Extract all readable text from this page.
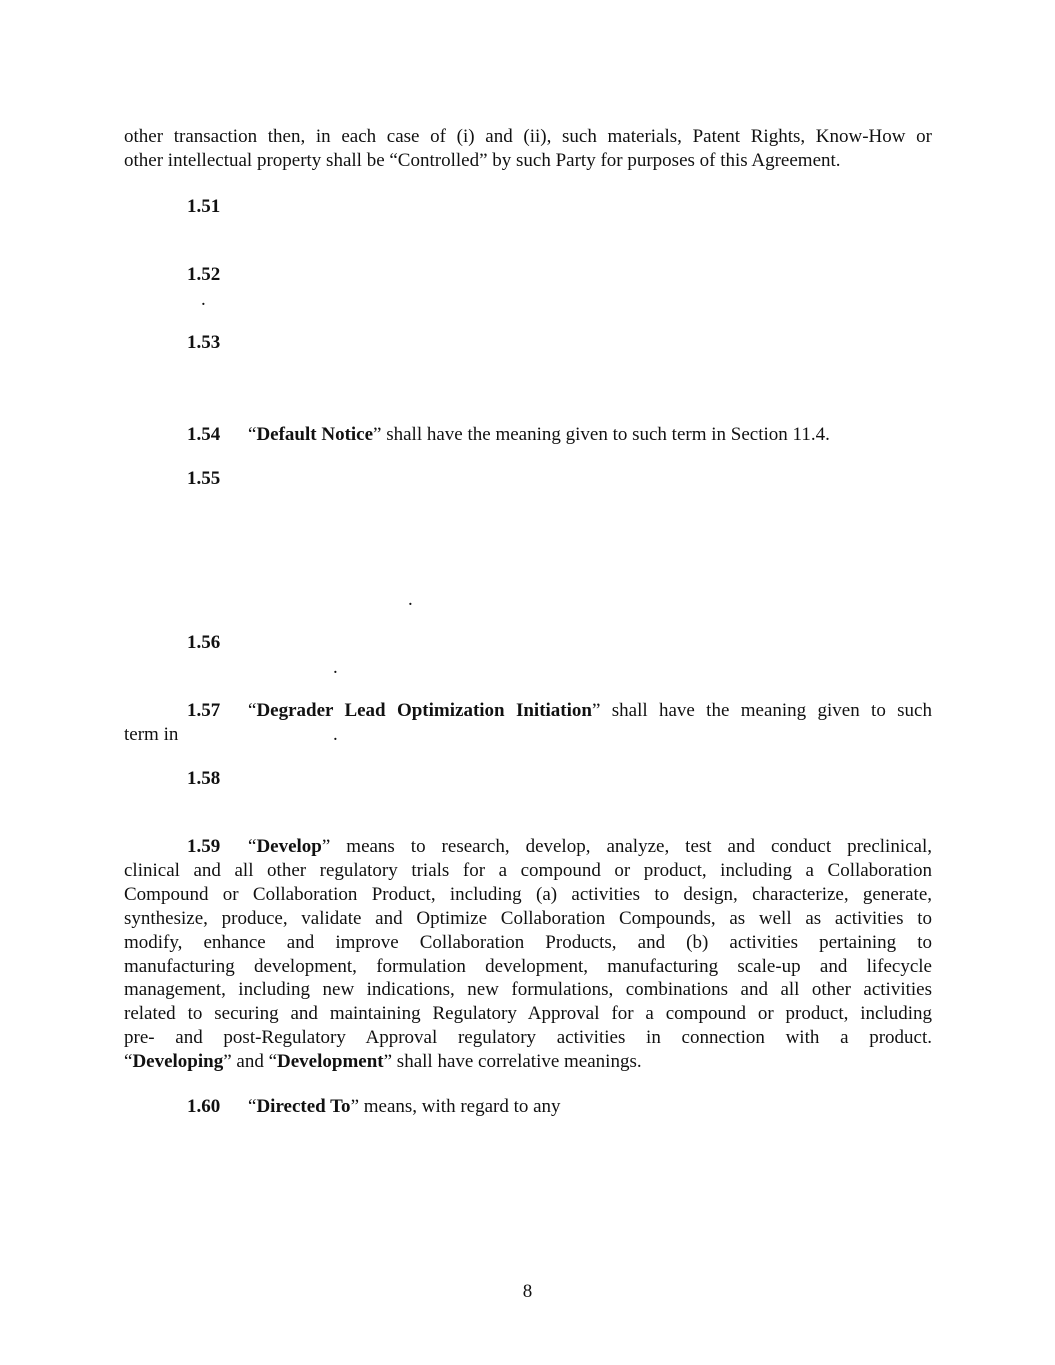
other transaction then, in each case of (i) and (ii), such materials, Patent Rights, Know-How or
other intellectual property shall be “Controlled” by such Party for purposes of this Agreement.
1.51
1.52
.
1.53
1.54 “Default Notice” shall have the meaning given to such term in Section 11.4.
1.55
.
1.56
.
1.57 “Degrader Lead Optimization Initiation” shall have the meaning given to such
term in	.
1.58
1.59 “Develop” means to research, develop, analyze, test and conduct preclinical,
clinical and all other regulatory trials for a compound or product, including a Collaboration
Compound or Collaboration Product, including (a) activities to design, characterize, generate,
synthesize, produce, validate and Optimize Collaboration Compounds, as well as activities to
modify, enhance and improve Collaboration Products, and (b) activities pertaining to
manufacturing development, formulation development, manufacturing scale-up and lifecycle
management, including new indications, new formulations, combinations and all other activities
related to securing and maintaining Regulatory Approval for a compound or product, including
pre- and post-Regulatory Approval regulatory activities in connection with a product.
“Developing” and “Development” shall have correlative meanings.
1.60 “Directed To” means, with regard to any
8
